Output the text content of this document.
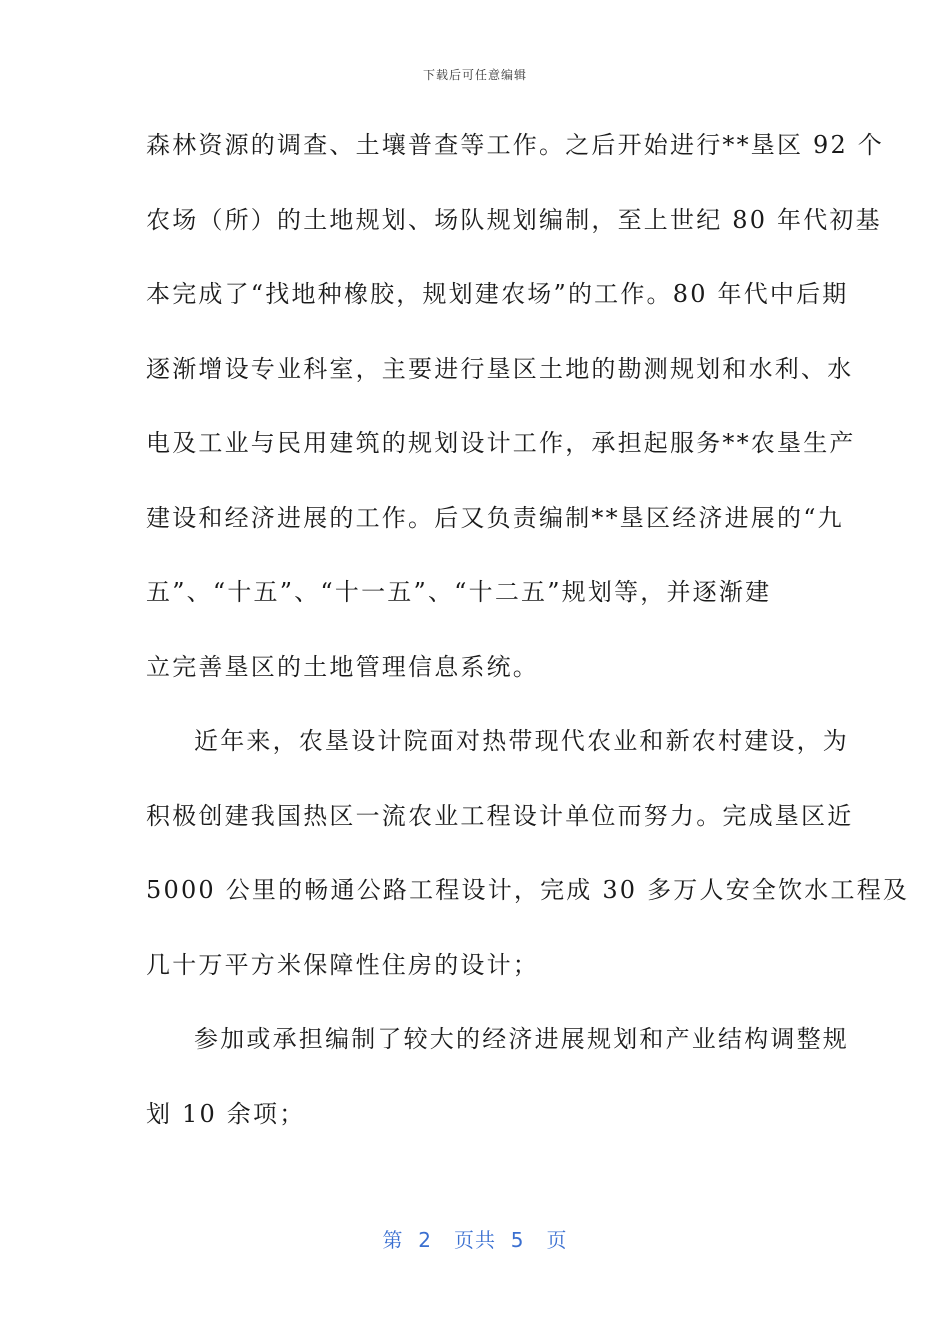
下载后可任意编辑
森林资源的调查、土壤普查等工作。之后开始进行**垦区 92 个
农场（所）的土地规划、场队规划编制，至上世纪 80 年代初基
本完成了“找地种橡胶，规划建农场”的工作。80 年代中后期
逐渐增设专业科室，主要进行垦区土地的勘测规划和水利、水
电及工业与民用建筑的规划设计工作，承担起服务**农垦生产
建设和经济进展的工作。后又负责编制**垦区经济进展的“九
五”、“十五”、“十一五”、“十二五”规划等，并逐渐建
立完善垦区的土地管理信息系统。
近年来，农垦设计院面对热带现代农业和新农村建设，为
积极创建我国热区一流农业工程设计单位而努力。完成垦区近
5000 公里的畅通公路工程设计，完成 30 多万人安全饮水工程及
几十万平方米保障性住房的设计；
参加或承担编制了较大的经济进展规划和产业结构调整规
划 10 余项；
第  2   页共  5   页
